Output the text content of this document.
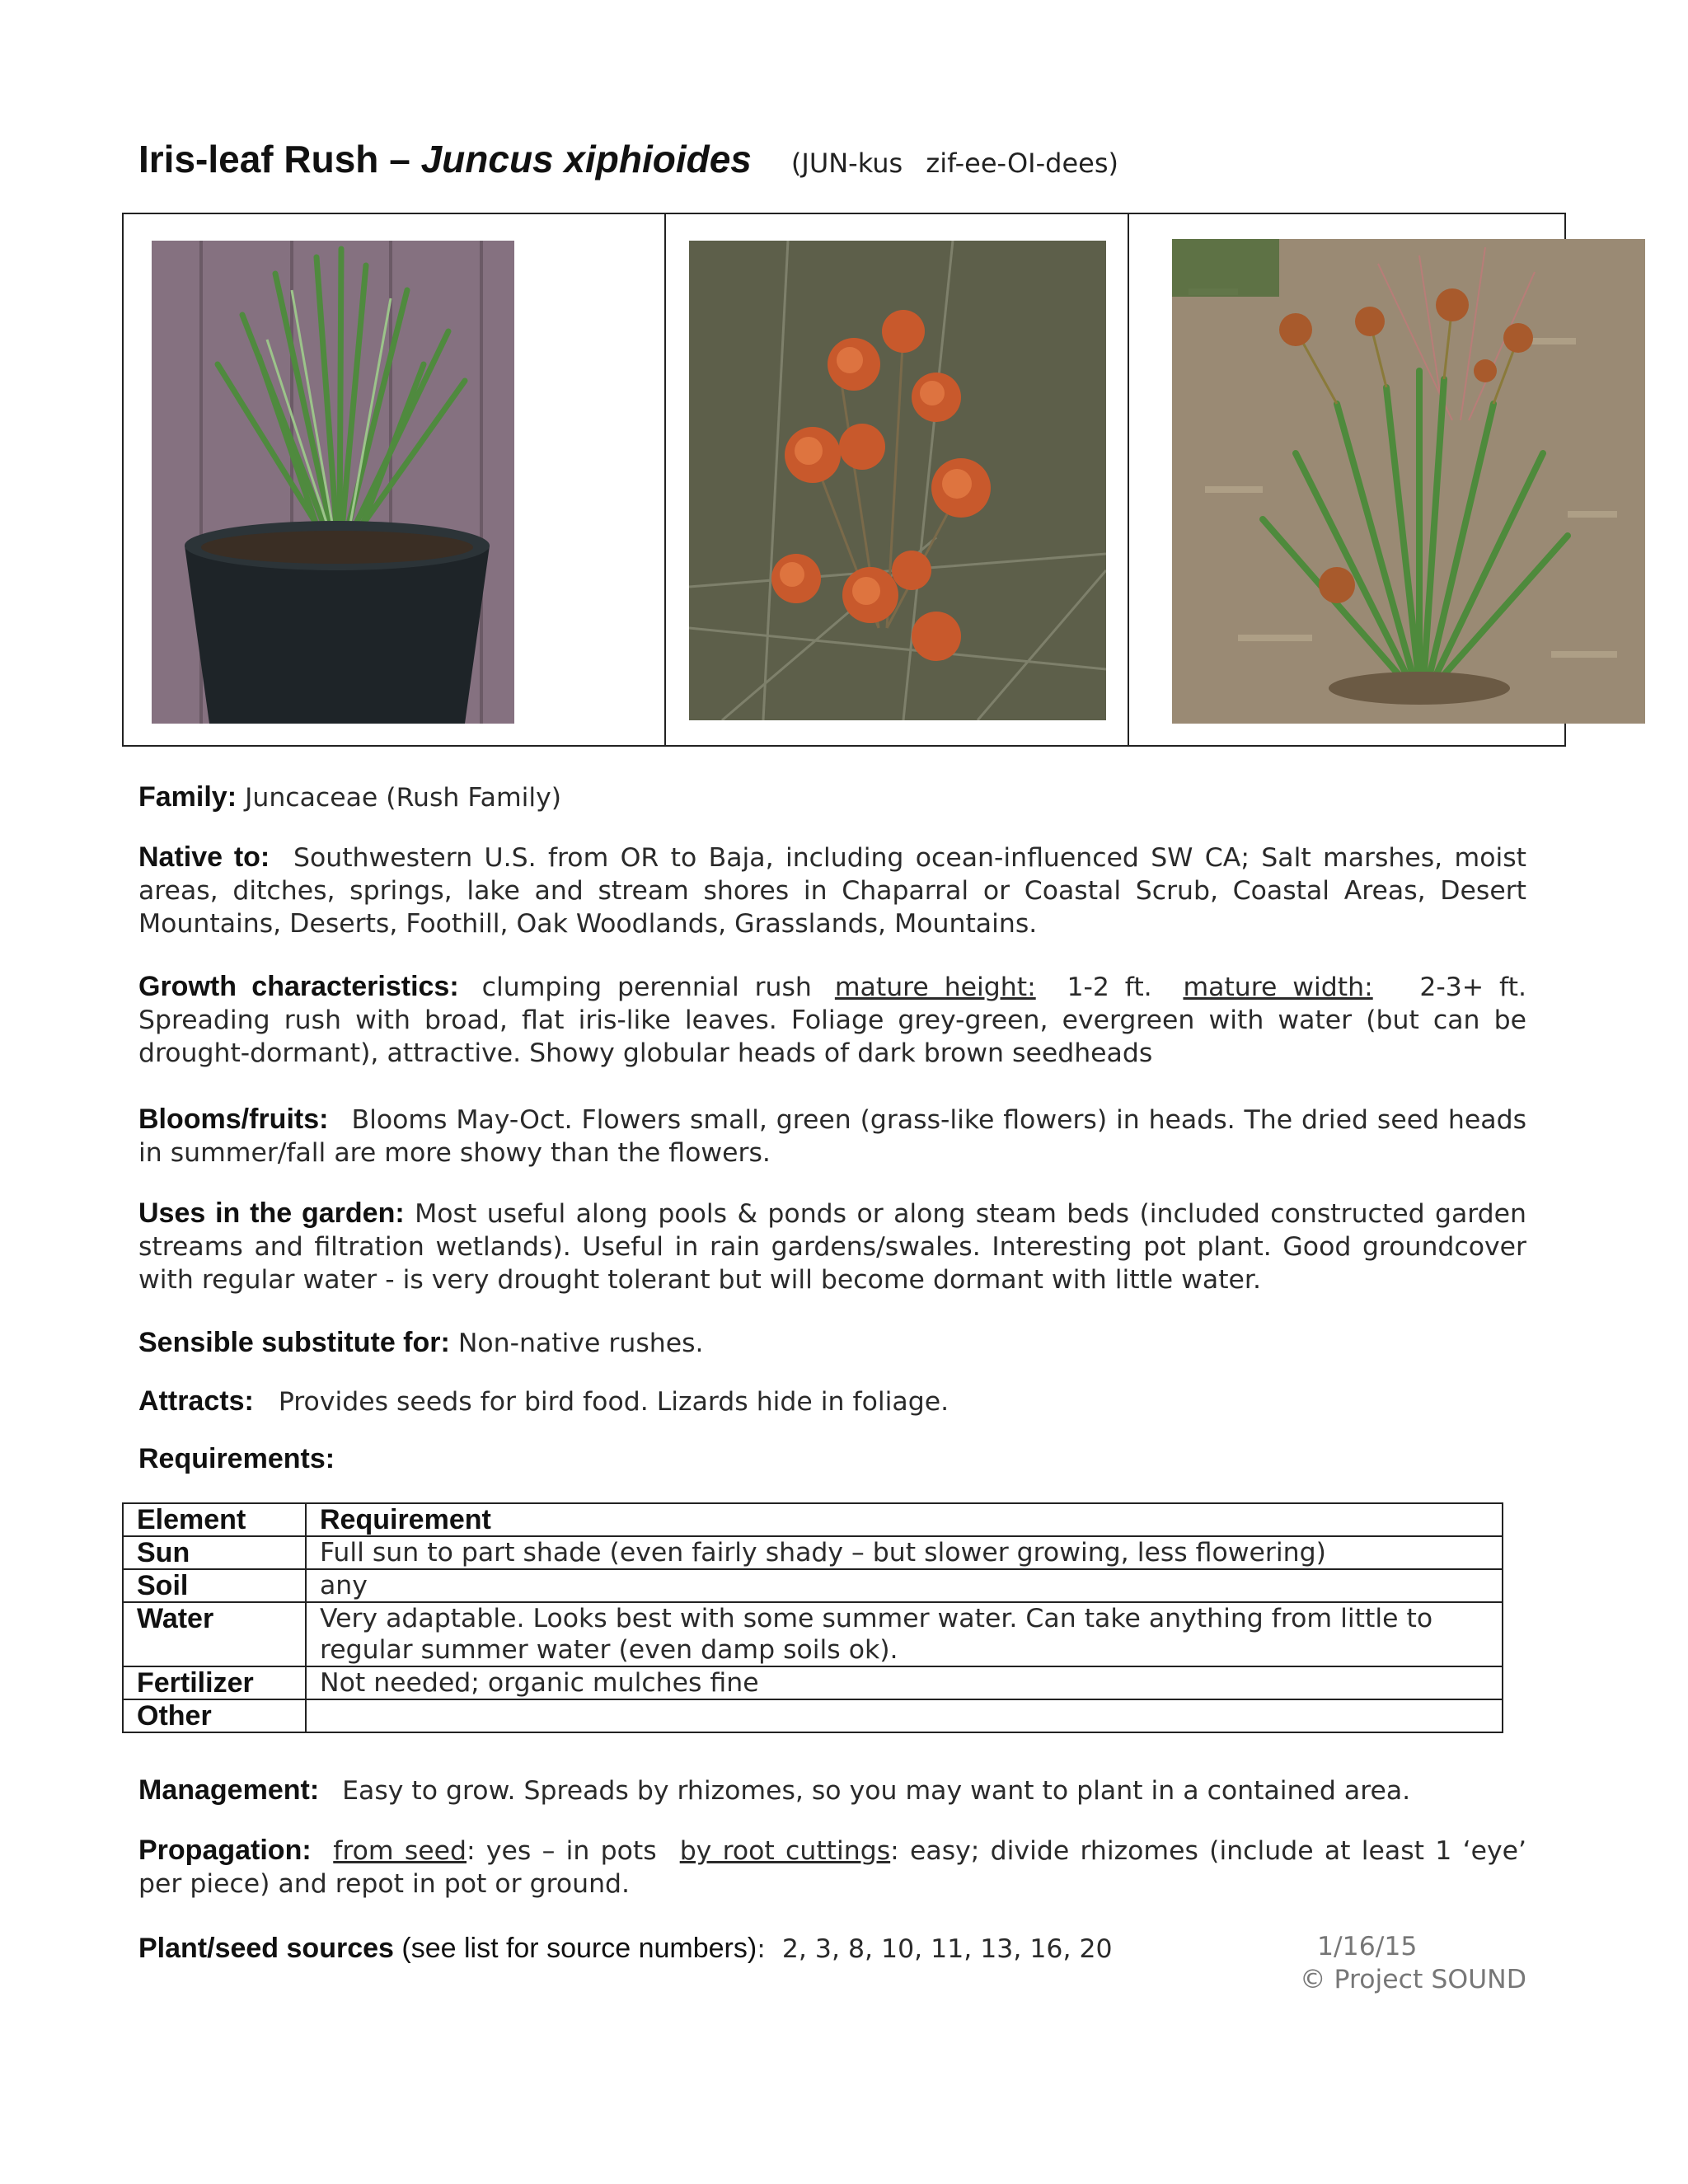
Iris-leaf Rush – Juncus xiphioides (JUN-kus zif-ee-OI-dees)
Family: Juncaceae (Rush Family)
Native to: Southwestern U.S. from OR to Baja, including ocean-influenced SW CA; Salt marshes, moist areas, ditches, springs, lake and stream shores in Chaparral or Coastal Scrub, Coastal Areas, Desert Mountains, Deserts, Foothill, Oak Woodlands, Grasslands, Mountains.
Growth characteristics: clumping perennial rush mature height: 1-2 ft. mature width: 2-3+ ft. Spreading rush with broad, flat iris-like leaves. Foliage grey-green, evergreen with water (but can be drought-dormant), attractive. Showy globular heads of dark brown seedheads
Blooms/fruits: Blooms May-Oct. Flowers small, green (grass-like flowers) in heads. The dried seed heads in summer/fall are more showy than the flowers.
Uses in the garden: Most useful along pools & ponds or along steam beds (included constructed garden streams and filtration wetlands). Useful in rain gardens/swales. Interesting pot plant. Good groundcover with regular water - is very drought tolerant but will become dormant with little water.
Sensible substitute for: Non-native rushes.
Attracts: Provides seeds for bird food. Lizards hide in foliage.
Requirements:
Element	Requirement
Sun	Full sun to part shade (even fairly shady – but slower growing, less flowering)
Soil	any
Water	Very adaptable. Looks best with some summer water. Can take anything from little to regular summer water (even damp soils ok).
Fertilizer	Not needed; organic mulches fine
Other	
Management: Easy to grow. Spreads by rhizomes, so you may want to plant in a contained area.
Propagation: from seed: yes – in pots by root cuttings: easy; divide rhizomes (include at least 1 ‘eye’ per piece) and repot in pot or ground.
Plant/seed sources (see list for source numbers): 2, 3, 8, 10, 11, 13, 16, 20	1/16/15
© Project SOUND
